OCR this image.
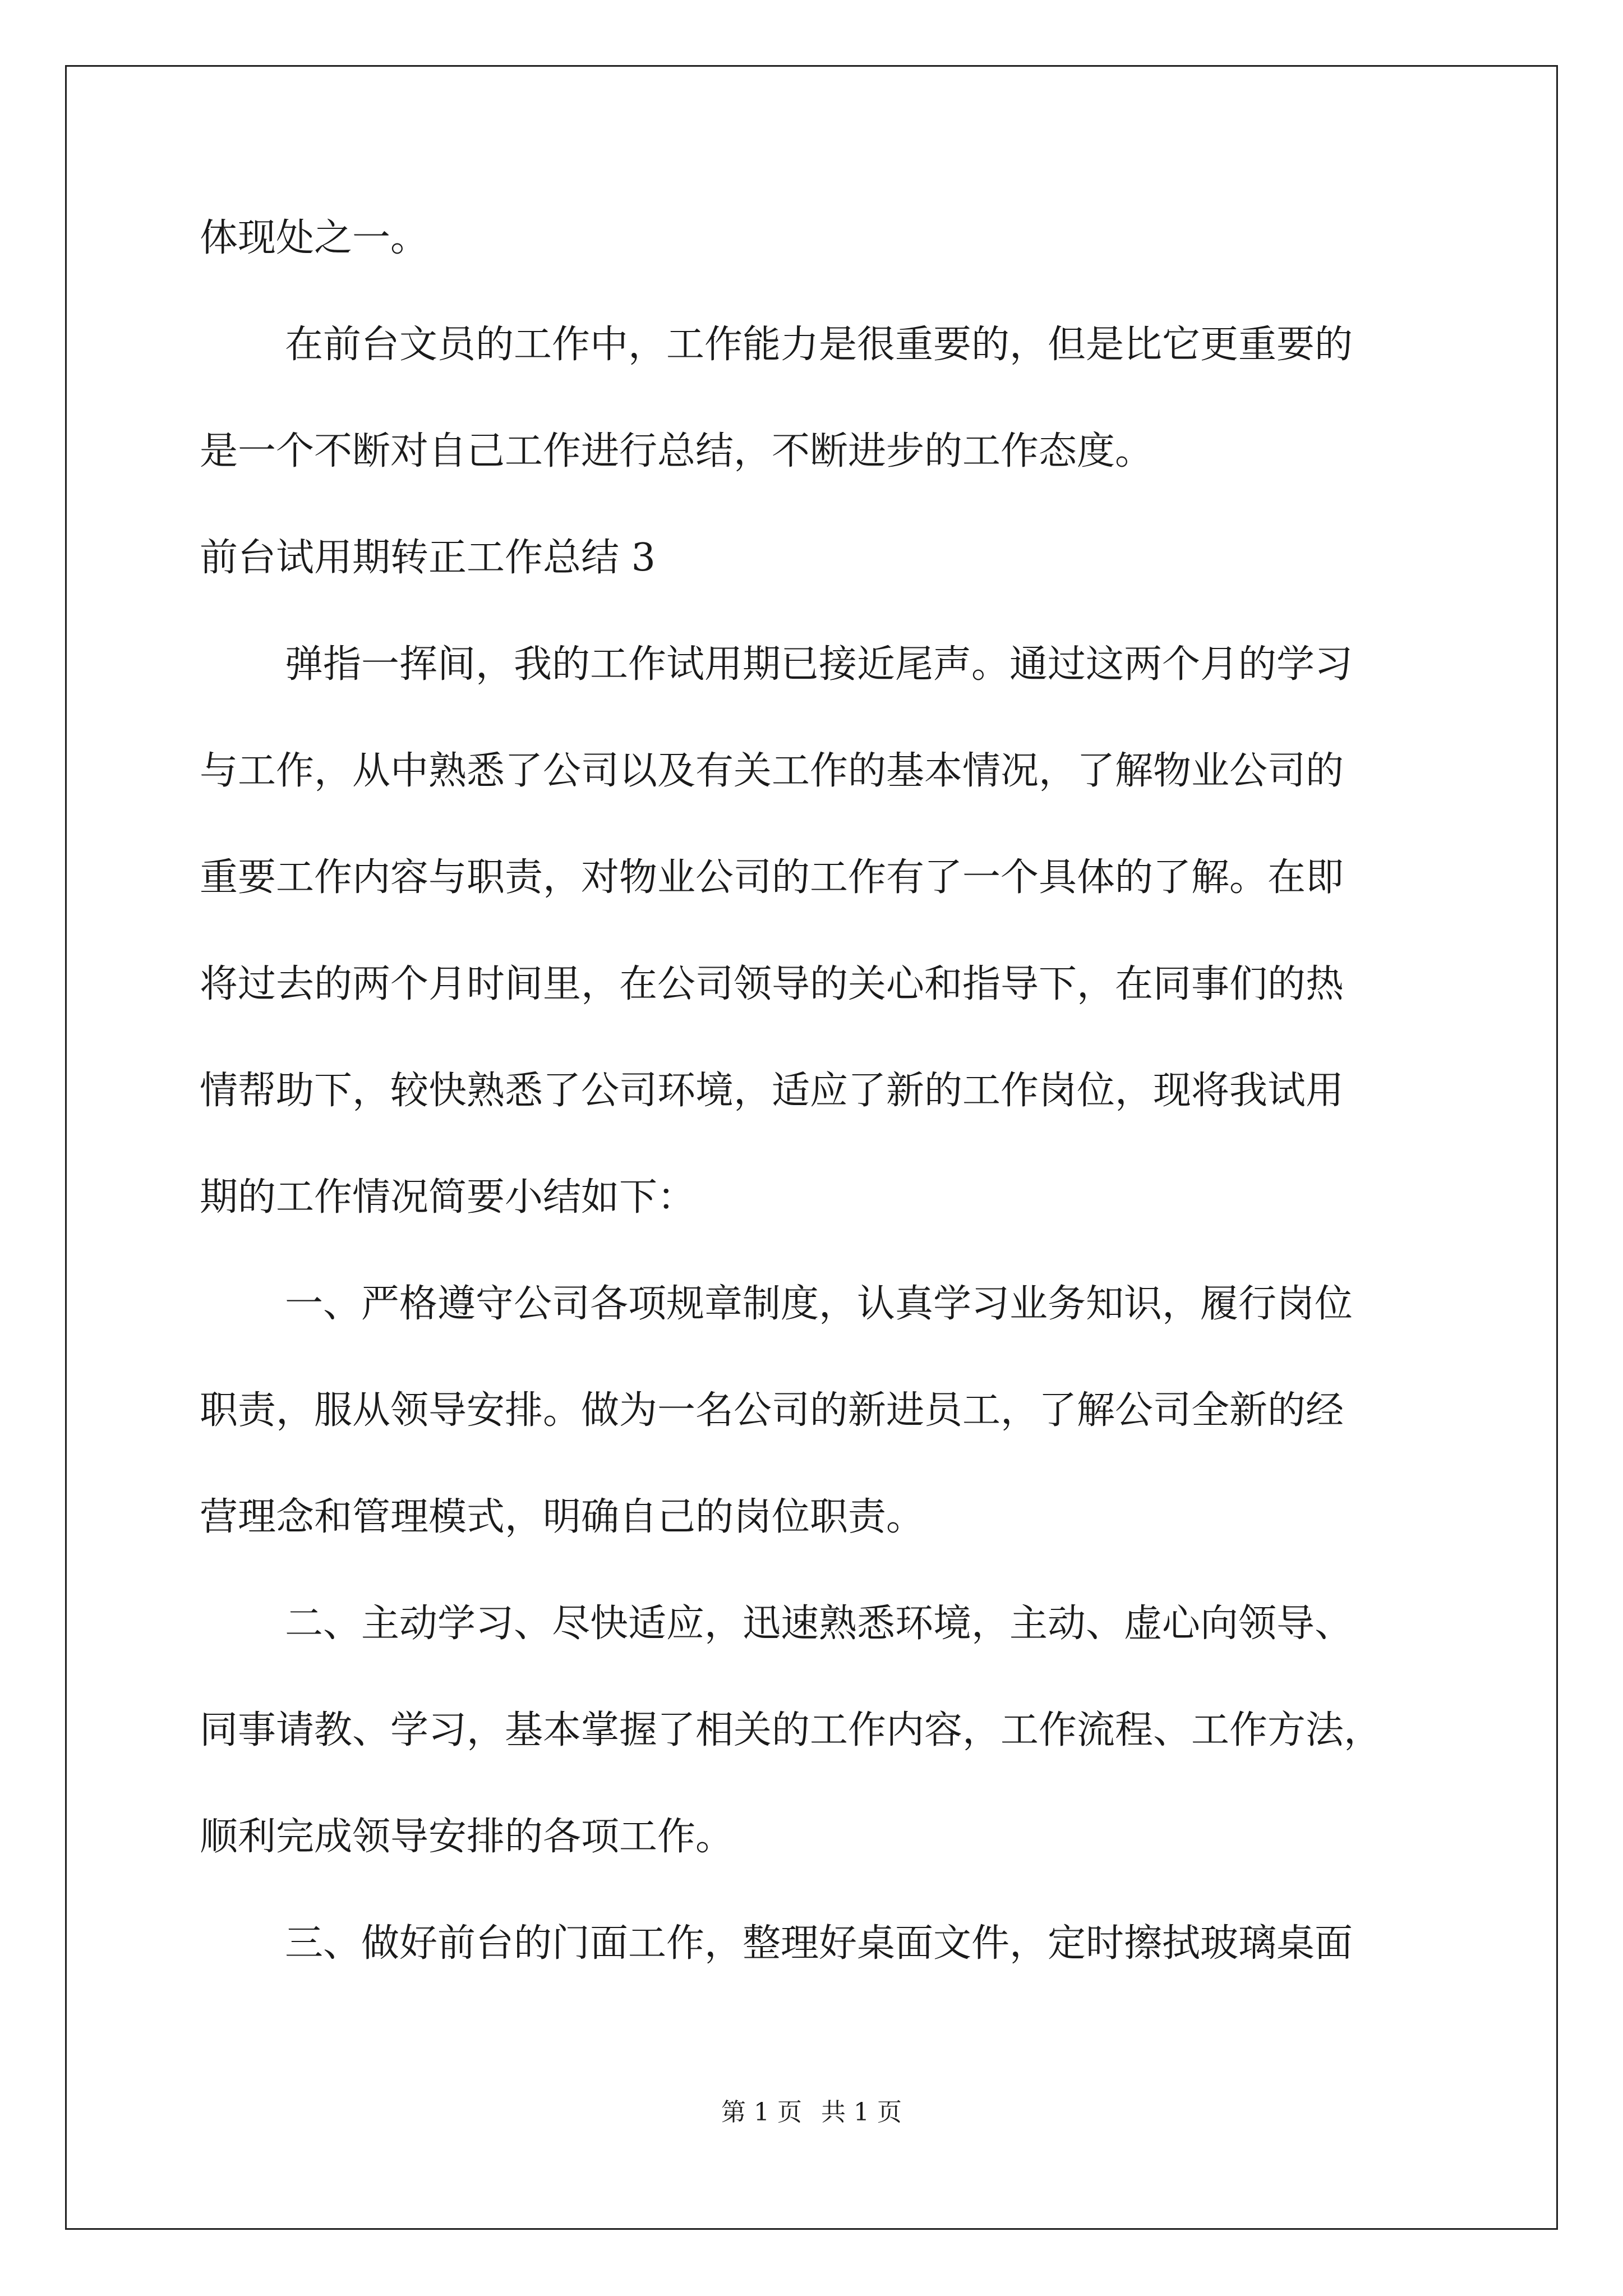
体现处之一。
在前台文员的工作中，工作能力是很重要的，但是比它更重要的
是一个不断对自己工作进行总结，不断进步的工作态度。
前台试用期转正工作总结 3
弹指一挥间，我的工作试用期已接近尾声。通过这两个月的学习
与工作，从中熟悉了公司以及有关工作的基本情况，了解物业公司的
重要工作内容与职责，对物业公司的工作有了一个具体的了解。在即
将过去的两个月时间里，在公司领导的关心和指导下，在同事们的热
情帮助下，较快熟悉了公司环境，适应了新的工作岗位，现将我试用
期的工作情况简要小结如下：
一、严格遵守公司各项规章制度，认真学习业务知识，履行岗位
职责，服从领导安排。做为一名公司的新进员工，了解公司全新的经
营理念和管理模式，明确自己的岗位职责。
二、主动学习、尽快适应，迅速熟悉环境，主动、虚心向领导、
同事请教、学习，基本掌握了相关的工作内容，工作流程、工作方法，
顺利完成领导安排的各项工作。
三、做好前台的门面工作，整理好桌面文件，定时擦拭玻璃桌面
第 1 页 共 1 页
